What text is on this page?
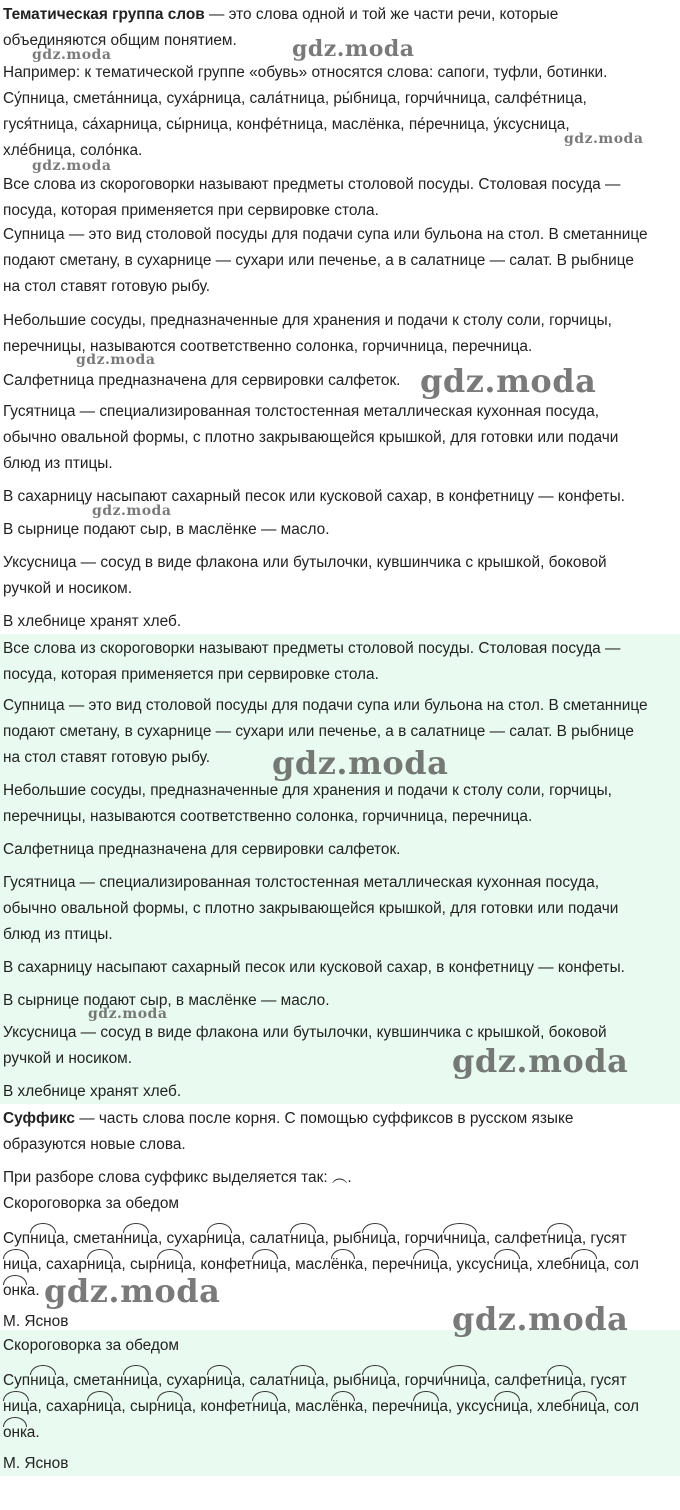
Тематическая группа слов — это слова одной и той же части речи, которые

объединяются общим понятием.

Например: к тематической группе «обувь» относятся слова: сапоги, туфли, ботинки.

Су́пница, смета́нница, суха́рница, сала́тница, ры́бница, горчи́чница, салфе́тница,

гуся́тница, са́харница, сы́рница, конфе́тница, маслёнка, пе́речница, у́ксусница,

хле́бница, соло́нка.

Все слова из скороговорки называют предметы столовой посуды. Столовая посуда —

посуда, которая применяется при сервировке стола.

Супница — это вид столовой посуды для подачи супа или бульона на стол. В сметаннице

подают сметану, в сухарнице — сухари или печенье, а в салатнице — салат. В рыбнице

на стол ставят готовую рыбу.

Небольшие сосуды, предназначенные для хранения и подачи к столу соли, горчицы,

перечницы, называются соответственно солонка, горчичница, перечница.

Салфетница предназначена для сервировки салфеток.

Гусятница — специализированная толстостенная металлическая кухонная посуда,

обычно овальной формы, с плотно закрывающейся крышкой, для готовки или подачи

блюд из птицы.

В сахарницу насыпают сахарный песок или кусковой сахар, в конфетницу — конфеты.

В сырнице подают сыр, в маслёнке — масло.

Уксусница — сосуд в виде флакона или бутылочки, кувшинчика с крышкой, боковой

ручкой и носиком.

В хлебнице хранят хлеб.

Все слова из скороговорки называют предметы столовой посуды. Столовая посуда —

посуда, которая применяется при сервировке стола.

Супница — это вид столовой посуды для подачи супа или бульона на стол. В сметаннице

подают сметану, в сухарнице — сухари или печенье, а в салатнице — салат. В рыбнице

на стол ставят готовую рыбу.

Небольшие сосуды, предназначенные для хранения и подачи к столу соли, горчицы,

перечницы, называются соответственно солонка, горчичница, перечница.

Салфетница предназначена для сервировки салфеток.

Гусятница — специализированная толстостенная металлическая кухонная посуда,

обычно овальной формы, с плотно закрывающейся крышкой, для готовки или подачи

блюд из птицы.

В сахарницу насыпают сахарный песок или кусковой сахар, в конфетницу — конфеты.

В сырнице подают сыр, в маслёнке — масло.

Уксусница — сосуд в виде флакона или бутылочки, кувшинчика с крышкой, боковой

ручкой и носиком.

В хлебнице хранят хлеб.

Суффикс — часть слова после корня. С помощью суффиксов в русском языке

образуются новые слова.

При разборе слова суффикс выделяется так: ︵.

Скороговорка за обедом

Супница, сметанница, сухарница, салатница, рыбница, горчичница, салфетница, гусят

ница, сахарница, сырница, конфетница, маслёнка, перечница, уксусница, хлебница, сол

онка.

М. Яснов

Скороговорка за обедом

Супница, сметанница, сухарница, салатница, рыбница, горчичница, салфетница, гусят

ница, сахарница, сырница, конфетница, маслёнка, перечница, уксусница, хлебница, сол

онка.

М. Яснов

gdz.moda	gdz.moda
gdz.moda
gdz.moda
gdz.moda
gdz.moda
gdz.moda
gdz.moda
gdz.moda
gdz.moda
gdz.moda
gdz.moda
